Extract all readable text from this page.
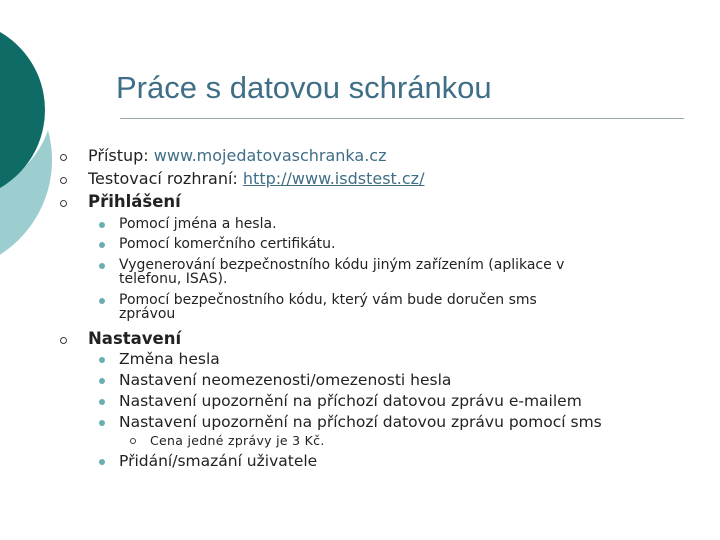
Práce s datovou schránkou
Přístup: www.mojedatovaschranka.cz
Testovací rozhraní: http://www.isdstest.cz/
Přihlášení
Pomocí jména a hesla.
Pomocí komerčního certifikátu.
Vygenerování bezpečnostního kódu jiným zařízením (aplikace v
telefonu, ISAS).
Pomocí bezpečnostního kódu, který vám bude doručen sms
zprávou
Nastavení
Změna hesla
Nastavení neomezenosti/omezenosti hesla
Nastavení upozornění na příchozí datovou zprávu e-mailem
Nastavení upozornění na příchozí datovou zprávu pomocí sms
Cena jedné zprávy je 3 Kč.
Přidání/smazání uživatele
